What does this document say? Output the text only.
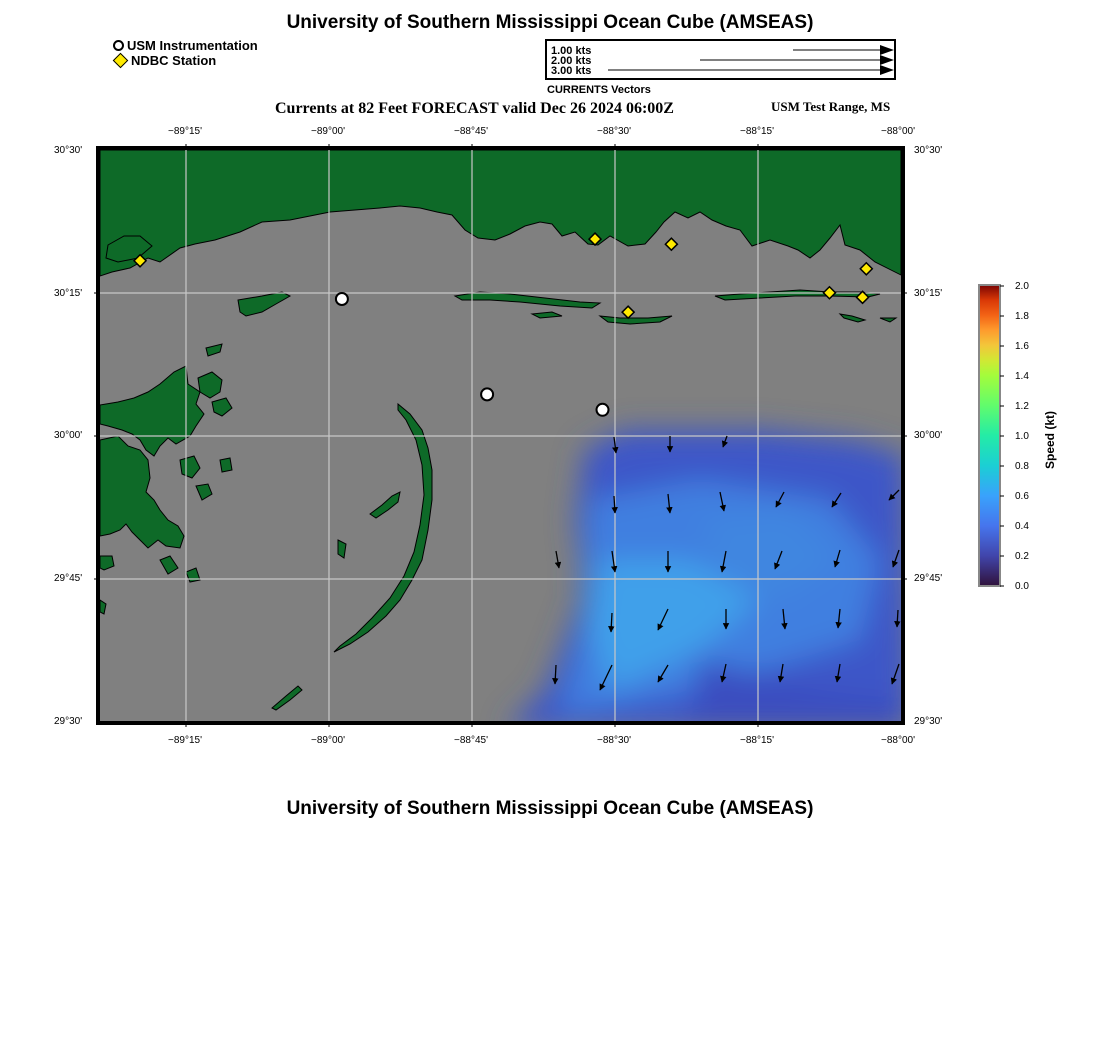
University of Southern Mississippi Ocean Cube (AMSEAS)
USM Instrumentation
NDBC Station
1.00 kts
2.00 kts
3.00 kts
CURRENTS Vectors
Currents at 82 Feet FORECAST valid Dec 26 2024 06:00Z	USM Test Range, MS
−89°15'	−89°00'	−88°45'	−88°30'	−88°15'	−88°00'
−89°15'	−89°00'	−88°45'	−88°30'	−88°15'	−88°00'
30°30'
30°15'
30°00'
29°45'
29°30'
30°30'
30°15'
30°00'
29°45'
29°30'
2.0
1.8
1.6
1.4
1.2
1.0
0.8
0.6
0.4
0.2
0.0
Speed (kt)
University of Southern Mississippi Ocean Cube (AMSEAS)
